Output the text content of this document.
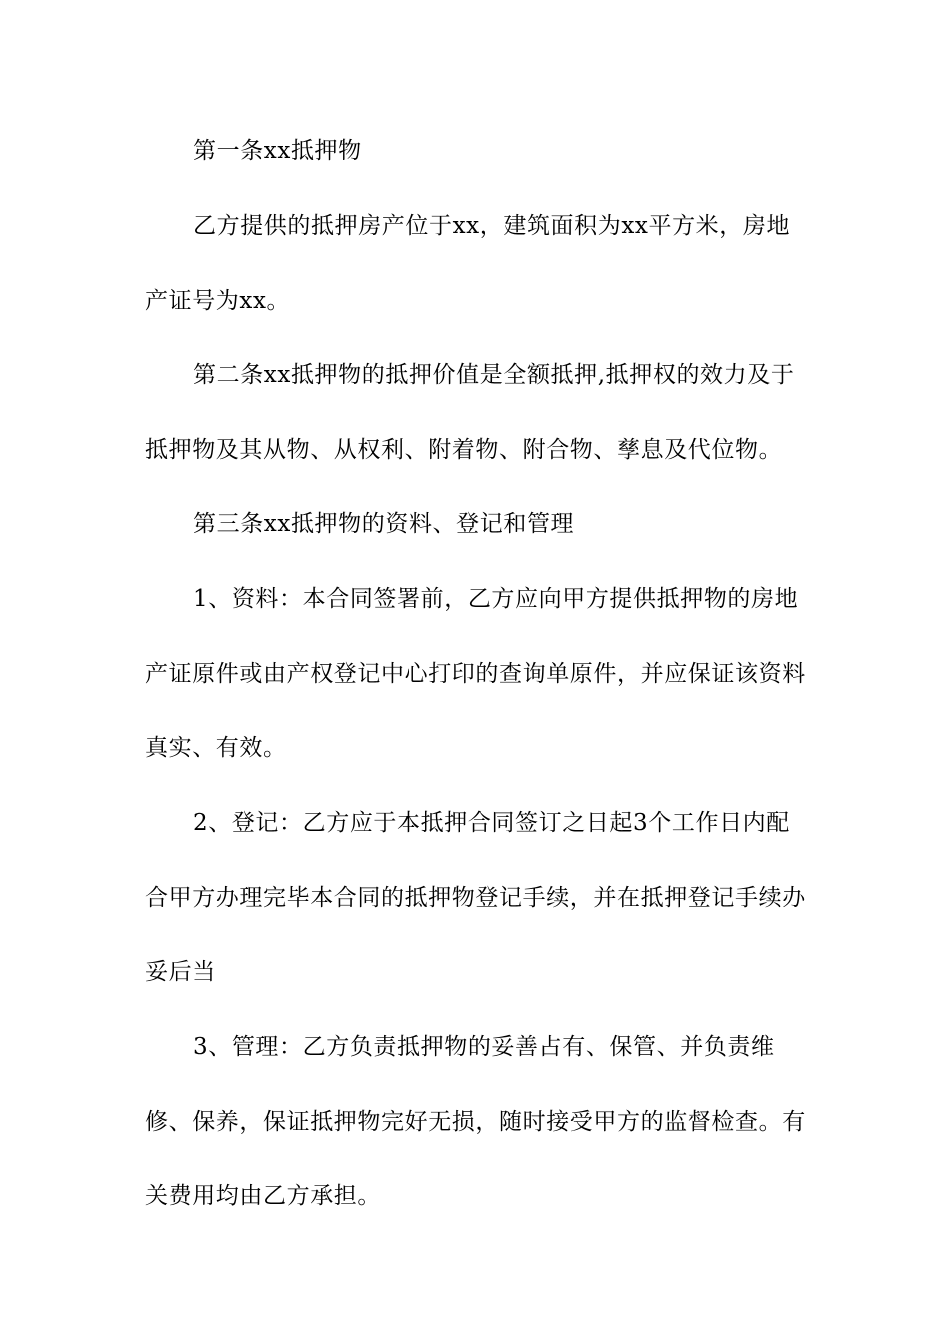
第一条xx抵押物

乙方提供的抵押房产位于xx，建筑面积为xx平方米，房地产证号为xx。

第二条xx抵押物的抵押价值是全额抵押,抵押权的效力及于抵押物及其从物、从权利、附着物、附合物、孳息及代位物。

第三条xx抵押物的资料、登记和管理

1、资料：本合同签署前，乙方应向甲方提供抵押物的房地产证原件或由产权登记中心打印的查询单原件，并应保证该资料真实、有效。

2、登记：乙方应于本抵押合同签订之日起3个工作日内配合甲方办理完毕本合同的抵押物登记手续，并在抵押登记手续办妥后当

3、管理：乙方负责抵押物的妥善占有、保管、并负责维修、保养，保证抵押物完好无损，随时接受甲方的监督检查。有关费用均由乙方承担。
